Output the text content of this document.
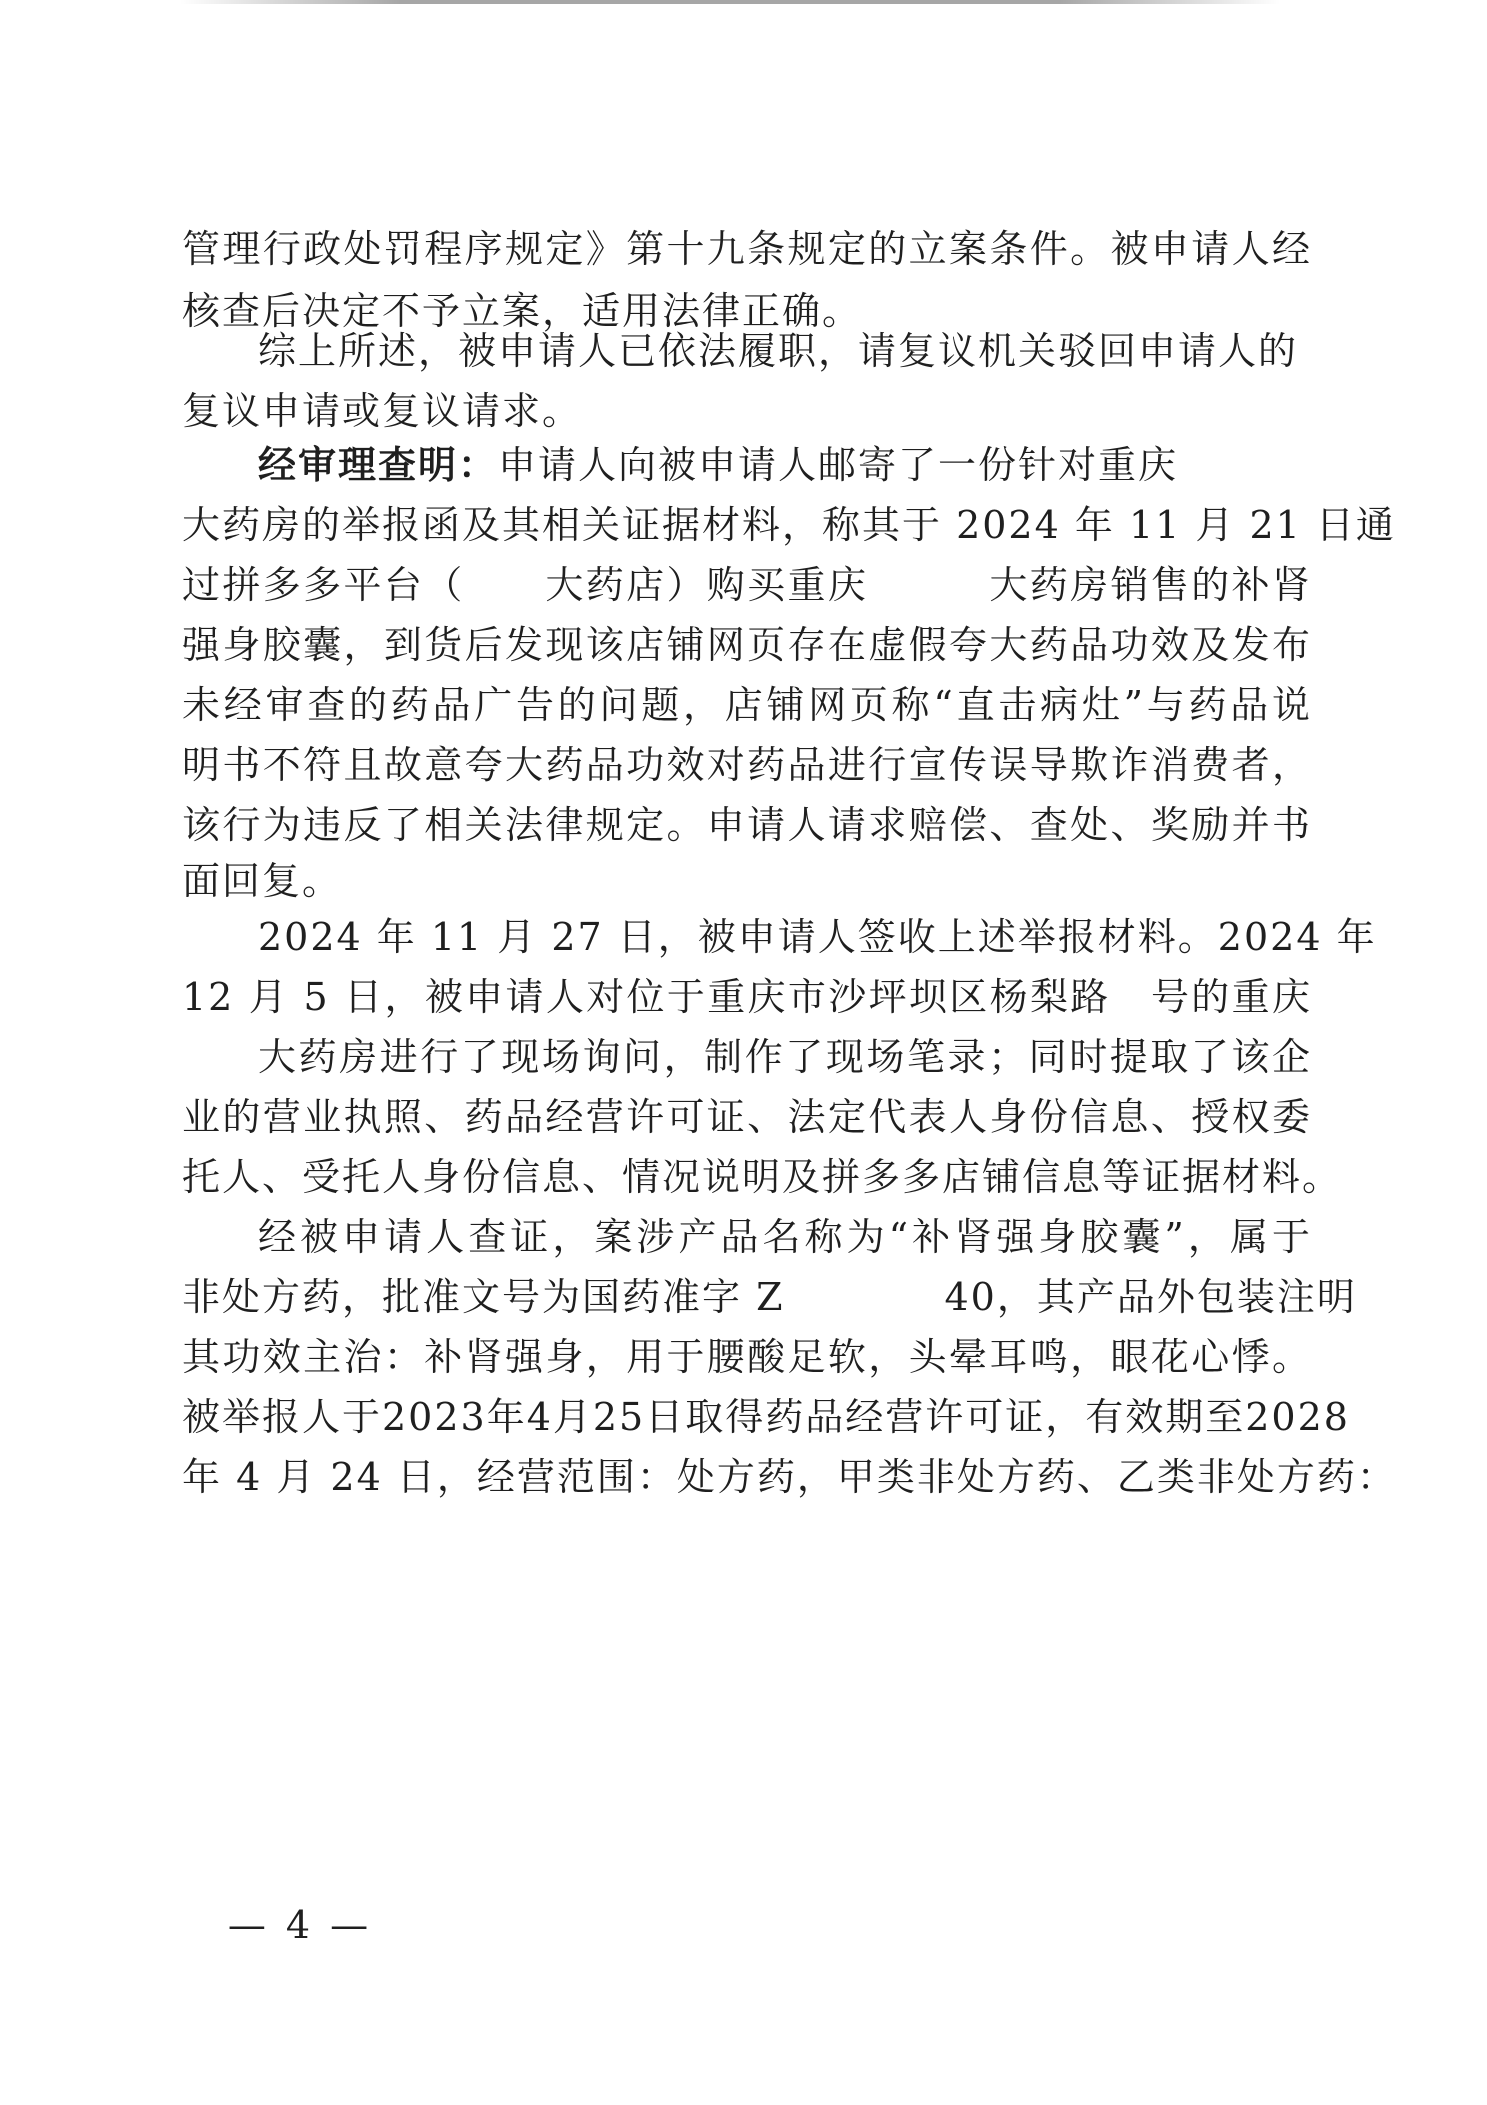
管理行政处罚程序规定》第十九条规定的立案条件。被申请人经
核查后决定不予立案，适用法律正确。
综上所述，被申请人已依法履职，请复议机关驳回申请人的
复议申请或复议请求。
经审理查明：申请人向被申请人邮寄了一份针对重庆
大药房的举报函及其相关证据材料，称其于 2024 年 11 月 21 日通
过拼多多平台（　　大药店）购买重庆　　　大药房销售的补肾
强身胶囊，到货后发现该店铺网页存在虚假夸大药品功效及发布
未经审查的药品广告的问题，店铺网页称“直击病灶”与药品说
明书不符且故意夸大药品功效对药品进行宣传误导欺诈消费者，
该行为违反了相关法律规定。申请人请求赔偿、查处、奖励并书
面回复。
2024 年 11 月 27 日，被申请人签收上述举报材料。2024 年
12 月 5 日，被申请人对位于重庆市沙坪坝区杨梨路　号的重庆
大药房进行了现场询问，制作了现场笔录；同时提取了该企
业的营业执照、药品经营许可证、法定代表人身份信息、授权委
托人、受托人身份信息、情况说明及拼多多店铺信息等证据材料。
经被申请人查证，案涉产品名称为“补肾强身胶囊”，属于
非处方药，批准文号为国药准字 Z　　　　40，其产品外包装注明
其功效主治：补肾强身，用于腰酸足软，头晕耳鸣，眼花心悸。
被举报人于2023年4月25日取得药品经营许可证，有效期至2028
年 4 月 24 日，经营范围：处方药，甲类非处方药、乙类非处方药：
— 4 —
